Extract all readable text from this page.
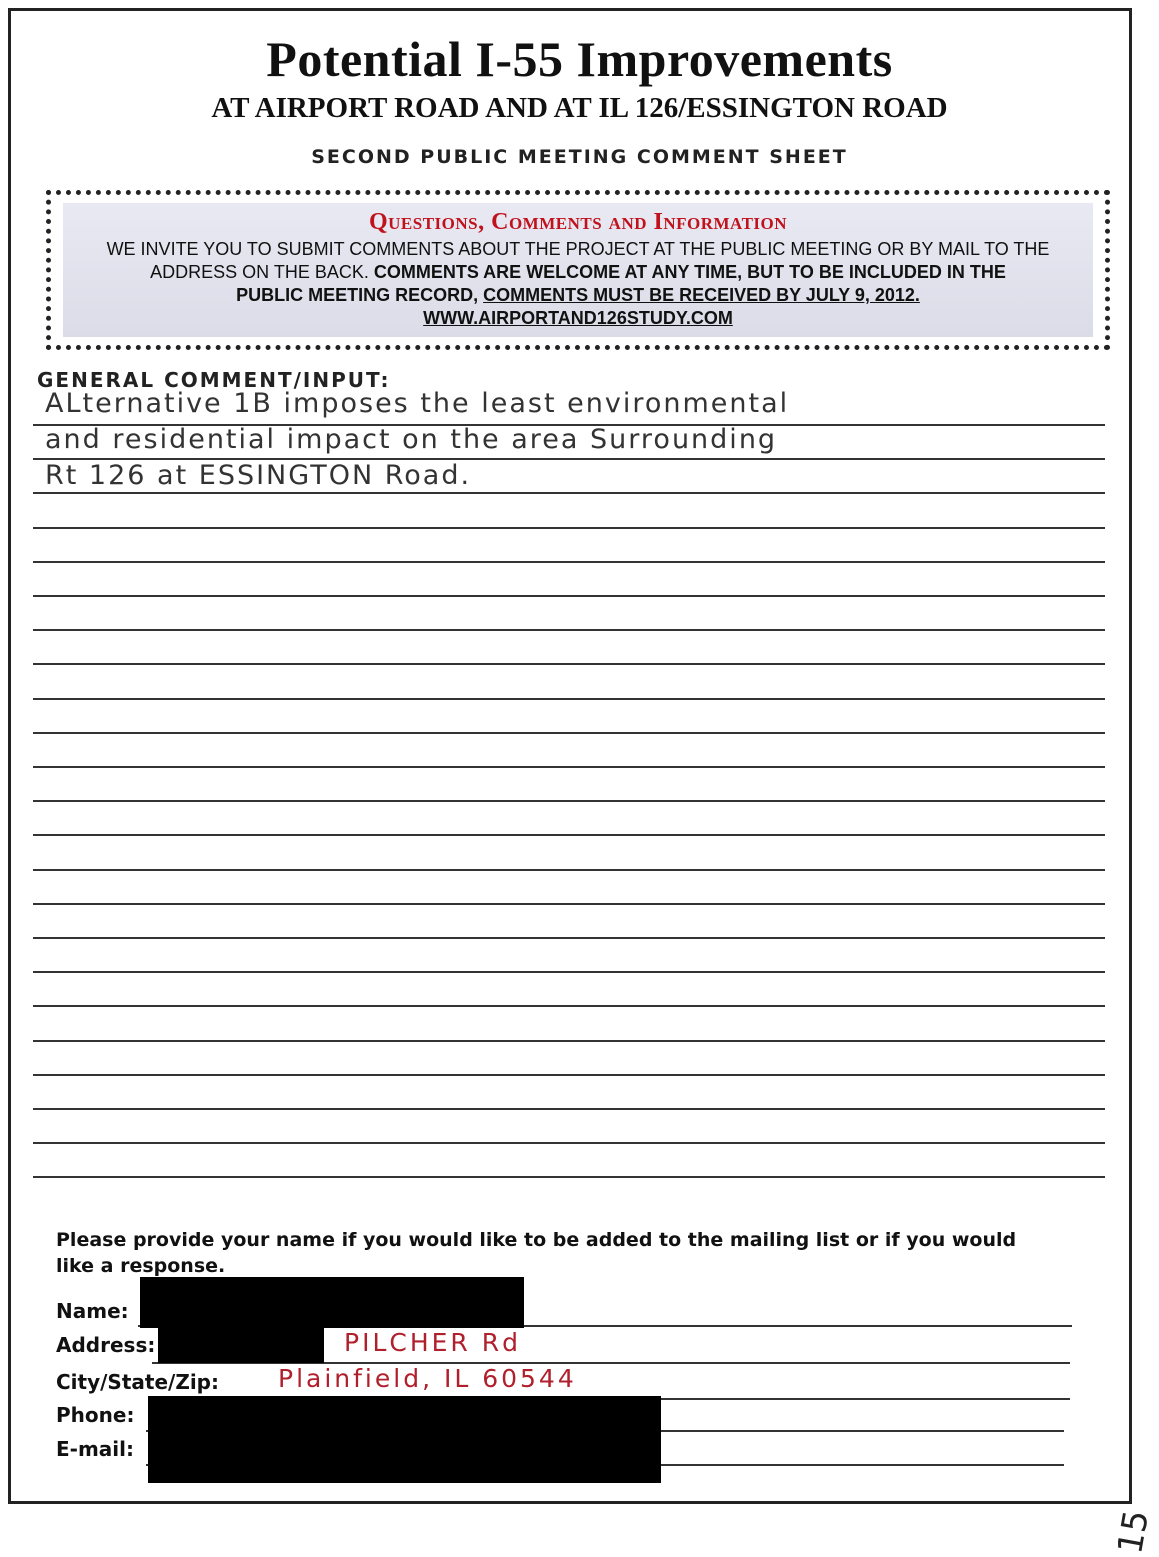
Potential I-55 Improvements
AT AIRPORT ROAD AND AT IL 126/ESSINGTON ROAD
SECOND PUBLIC MEETING COMMENT SHEET
Questions, Comments and Information
WE INVITE YOU TO SUBMIT COMMENTS ABOUT THE PROJECT AT THE PUBLIC MEETING OR BY MAIL TO THE
ADDRESS ON THE BACK. COMMENTS ARE WELCOME AT ANY TIME, BUT TO BE INCLUDED IN THE
PUBLIC MEETING RECORD, COMMENTS MUST BE RECEIVED BY JULY 9, 2012.
WWW.AIRPORTAND126STUDY.COM
GENERAL COMMENT/INPUT:
ALternative 1B imposes the least environmental
and residential impact on the area Surrounding
Rt 126 at ESSINGTON Road.
Please provide your name if you would like to be added to the mailing list or if you would like a response.
Name:
Address:	PILCHER Rd
City/State/Zip: Plainfield, IL 60544
Phone:
E-mail:
15
